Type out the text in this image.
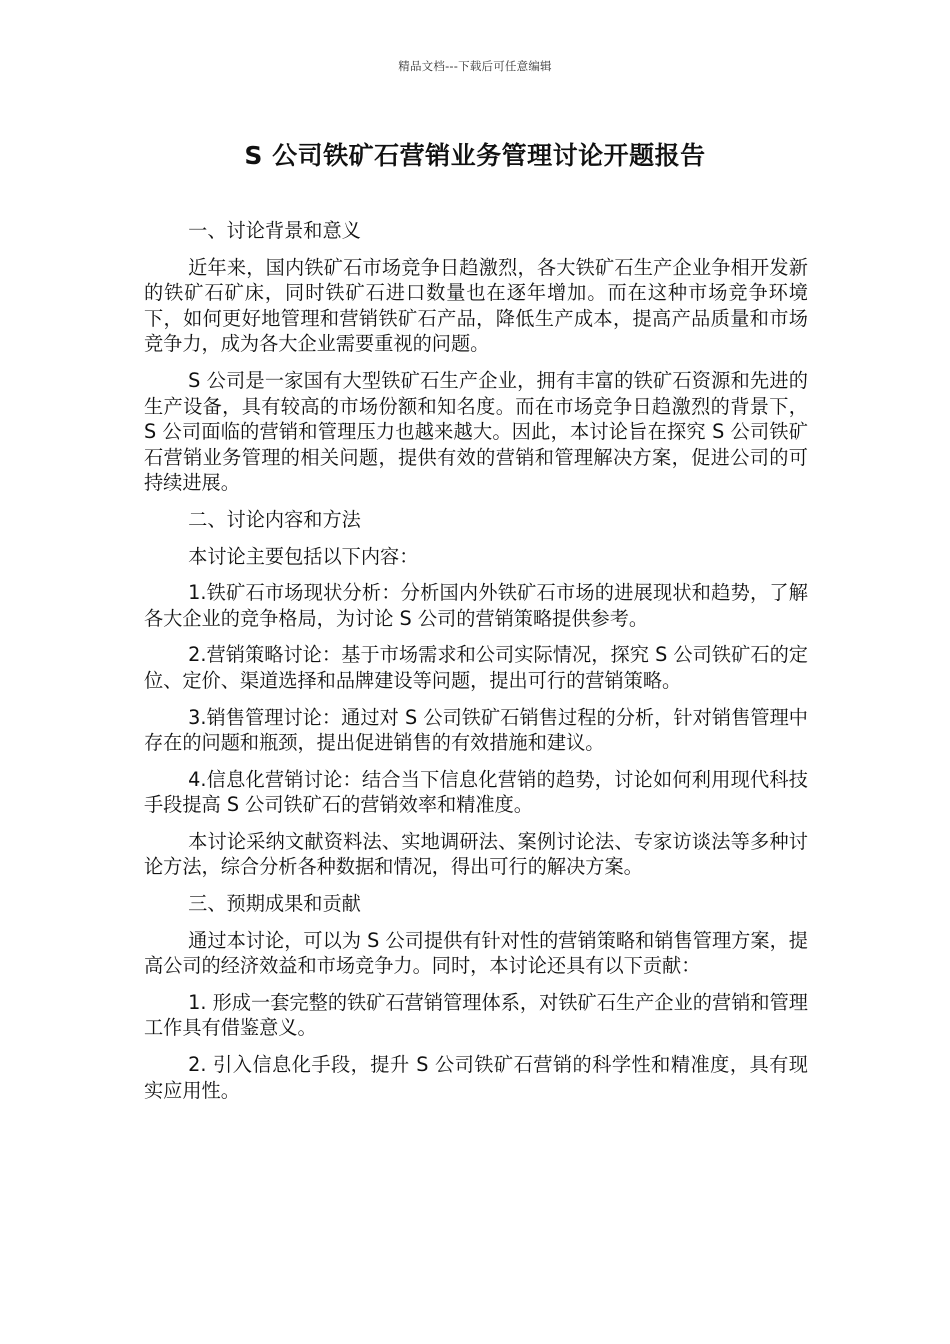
精品文档---下载后可任意编辑
S 公司铁矿石营销业务管理讨论开题报告

一、讨论背景和意义

近年来，国内铁矿石市场竞争日趋激烈，各大铁矿石生产企业争相开发新的铁矿石矿床，同时铁矿石进口数量也在逐年增加。而在这种市场竞争环境下，如何更好地管理和营销铁矿石产品，降低生产成本，提高产品质量和市场竞争力，成为各大企业需要重视的问题。

S 公司是一家国有大型铁矿石生产企业，拥有丰富的铁矿石资源和先进的生产设备，具有较高的市场份额和知名度。而在市场竞争日趋激烈的背景下，S 公司面临的营销和管理压力也越来越大。因此，本讨论旨在探究 S 公司铁矿石营销业务管理的相关问题，提供有效的营销和管理解决方案，促进公司的可持续进展。

二、讨论内容和方法

本讨论主要包括以下内容：

1.铁矿石市场现状分析：分析国内外铁矿石市场的进展现状和趋势，了解各大企业的竞争格局，为讨论 S 公司的营销策略提供参考。

2.营销策略讨论：基于市场需求和公司实际情况，探究 S 公司铁矿石的定位、定价、渠道选择和品牌建设等问题，提出可行的营销策略。

3.销售管理讨论：通过对 S 公司铁矿石销售过程的分析，针对销售管理中存在的问题和瓶颈，提出促进销售的有效措施和建议。

4.信息化营销讨论：结合当下信息化营销的趋势，讨论如何利用现代科技手段提高 S 公司铁矿石的营销效率和精准度。

本讨论采纳文献资料法、实地调研法、案例讨论法、专家访谈法等多种讨论方法，综合分析各种数据和情况，得出可行的解决方案。

三、预期成果和贡献

通过本讨论，可以为 S 公司提供有针对性的营销策略和销售管理方案，提高公司的经济效益和市场竞争力。同时，本讨论还具有以下贡献：

1. 形成一套完整的铁矿石营销管理体系，对铁矿石生产企业的营销和管理工作具有借鉴意义。

2. 引入信息化手段，提升 S 公司铁矿石营销的科学性和精准度，具有现实应用性。
